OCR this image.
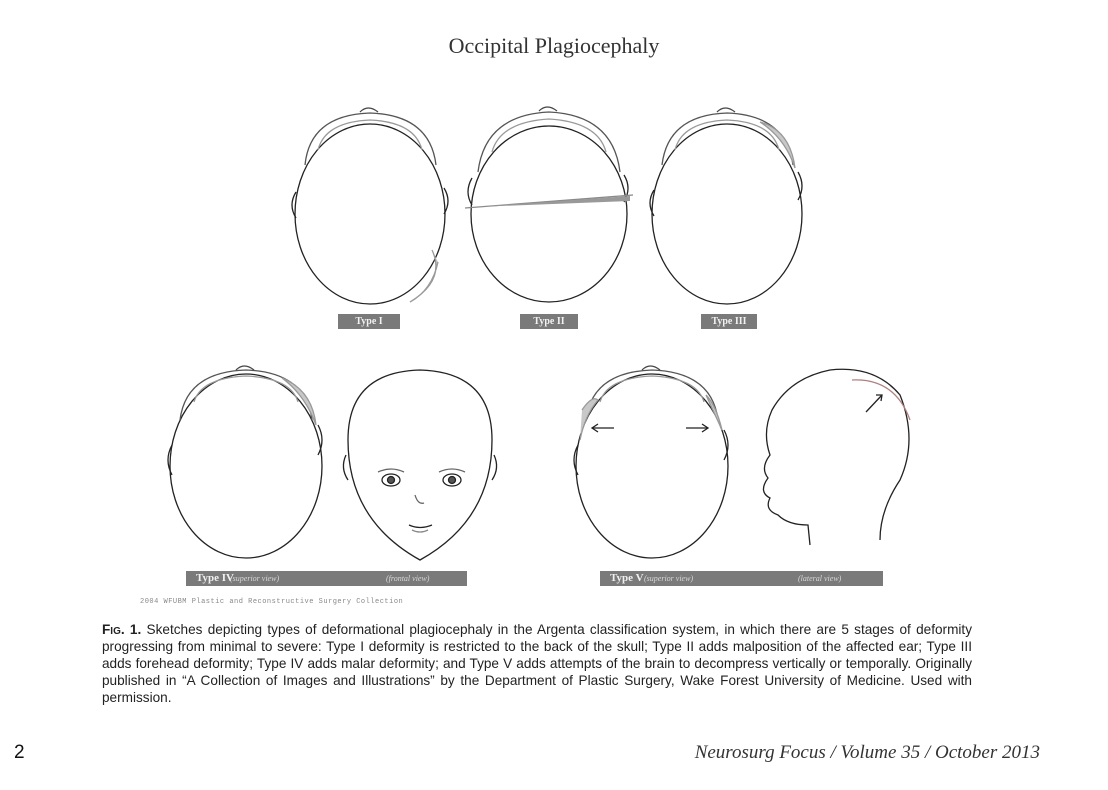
Occipital Plagiocephaly
Type I	Type II	Type III
Type IV
(superior view)	(frontal view)	Type V (superior view)	(lateral view)
2004 WFUBM Plastic and Reconstructive Surgery Collection
Fig. 1. Sketches depicting types of deformational plagiocephaly in the Argenta classification system, in which there are 5 stages of deformity progressing from minimal to severe: Type I deformity is restricted to the back of the skull; Type II adds malposition of the affected ear; Type III adds forehead deformity; Type IV adds malar deformity; and Type V adds attempts of the brain to decompress vertically or temporally. Originally published in “A Collection of Images and Illustrations” by the Department of Plastic Surgery, Wake Forest University of Medicine. Used with permission.
2	Neurosurg Focus / Volume 35 / October 2013
